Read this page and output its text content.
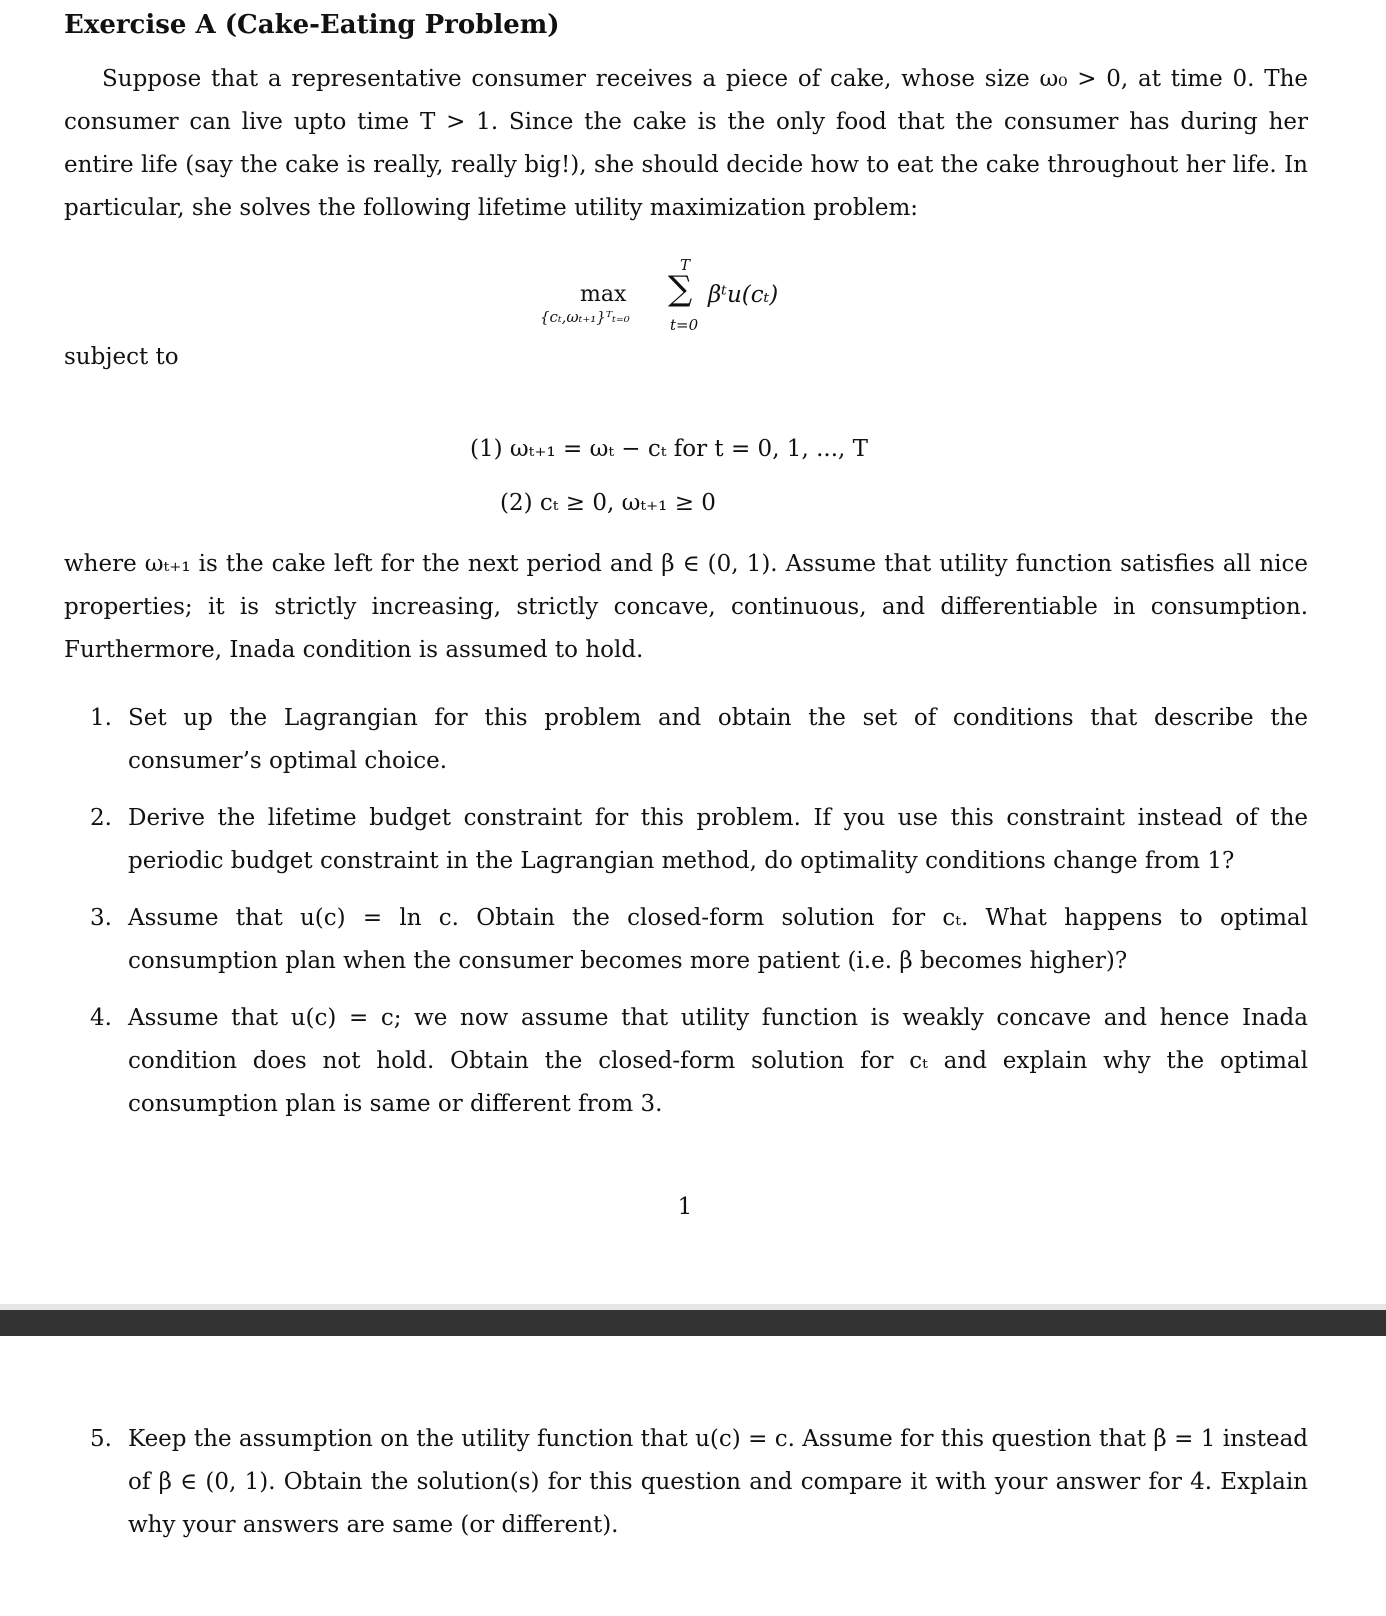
Exercise A (Cake-Eating Problem)
Suppose that a representative consumer receives a piece of cake, whose size ω₀ > 0, at time 0. The consumer can live upto time T > 1. Since the cake is the only food that the consumer has during her entire life (say the cake is really, really big!), she should decide how to eat the cake throughout her life. In particular, she solves the following lifetime utility maximization problem:
max
{cₜ,ωₜ₊₁}ᵀₜ₌₀
T
∑
t=0
βᵗu(cₜ)
subject to
(1) ωₜ₊₁ = ωₜ − cₜ for t = 0, 1, ..., T
(2) cₜ ≥ 0, ωₜ₊₁ ≥ 0
where ωₜ₊₁ is the cake left for the next period and β ∈ (0, 1). Assume that utility function satisfies all nice properties; it is strictly increasing, strictly concave, continuous, and differentiable in consumption. Furthermore, Inada condition is assumed to hold.
1. Set up the Lagrangian for this problem and obtain the set of conditions that describe the consumer’s optimal choice.
2. Derive the lifetime budget constraint for this problem. If you use this constraint instead of the periodic budget constraint in the Lagrangian method, do optimality conditions change from 1?
3. Assume that u(c) = ln c. Obtain the closed-form solution for cₜ. What happens to optimal consumption plan when the consumer becomes more patient (i.e. β becomes higher)?
4. Assume that u(c) = c; we now assume that utility function is weakly concave and hence Inada condition does not hold. Obtain the closed-form solution for cₜ and explain why the optimal consumption plan is same or different from 3.
1
5. Keep the assumption on the utility function that u(c) = c. Assume for this question that β = 1 instead of β ∈ (0, 1). Obtain the solution(s) for this question and compare it with your answer for 4. Explain why your answers are same (or different).
